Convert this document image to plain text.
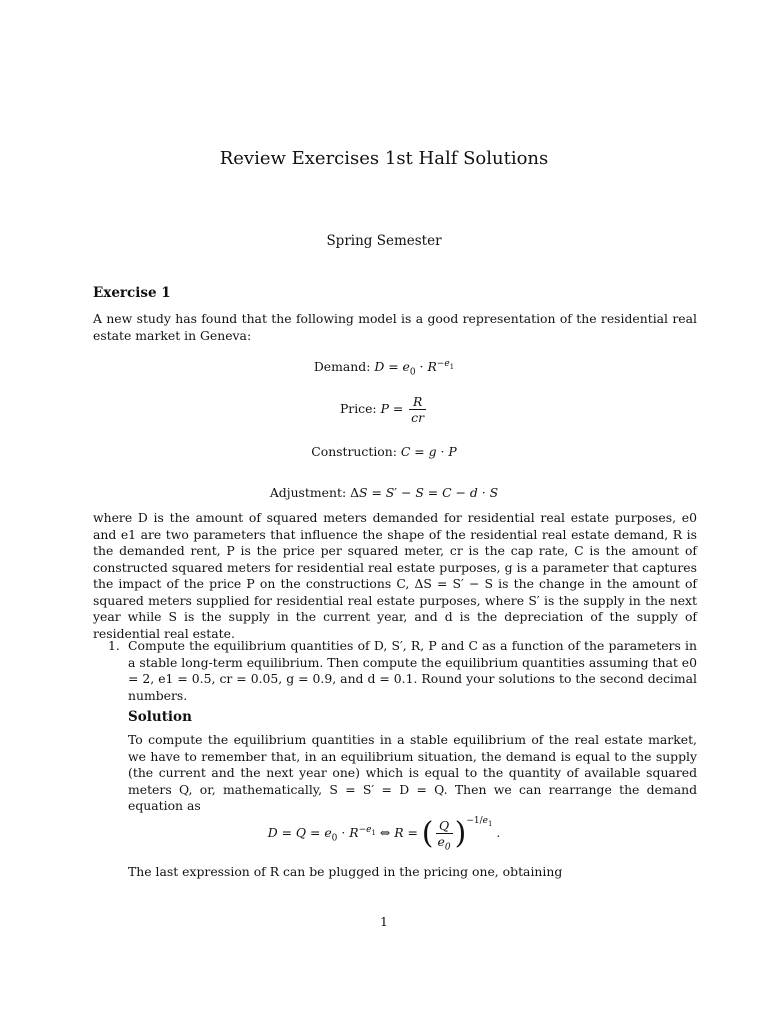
Review Exercises 1st Half Solutions
Spring Semester
Exercise 1
A new study has found that the following model is a good representation of the residential real estate market in Geneva:
Demand: $D = e_0 \cdot R^{-e_1}$
Price: $P = \frac{R}{cr}$
Construction: C = g · P
Adjustment: ΔS = S′ − S = C − d · S
where D is the amount of squared meters demanded for residential real estate purposes, e0 and e1 are two parameters that influence the shape of the residential real estate demand, R is the demanded rent, P is the price per squared meter, cr is the cap rate, C is the amount of constructed squared meters for residential real estate purposes, g is a parameter that captures the impact of the price P on the constructions C, ΔS = S′ − S is the change in the amount of squared meters supplied for residential real estate purposes, where S′ is the supply in the next year while S is the supply in the current year, and d is the depreciation of the supply of residential real estate.
1. Compute the equilibrium quantities of D, S′, R, P and C as a function of the parameters in a stable long-term equilibrium. Then compute the equilibrium quantities assuming that e0 = 2, e1 = 0.5, cr = 0.05, g = 0.9, and d = 0.1. Round your solutions to the second decimal numbers.
Solution
To compute the equilibrium quantities in a stable equilibrium of the real estate market, we have to remember that, in an equilibrium situation, the demand is equal to the supply (the current and the next year one) which is equal to the quantity of available squared meters Q, or, mathematically, S = S′ = D = Q. Then we can rearrange the demand equation as
$D = Q = e_0 \cdot R^{-e_1}$ ⇔ R = ( $\frac{Q}{e_0} )^{-1/e_1}$ .
The last expression of R can be plugged in the pricing one, obtaining
1
